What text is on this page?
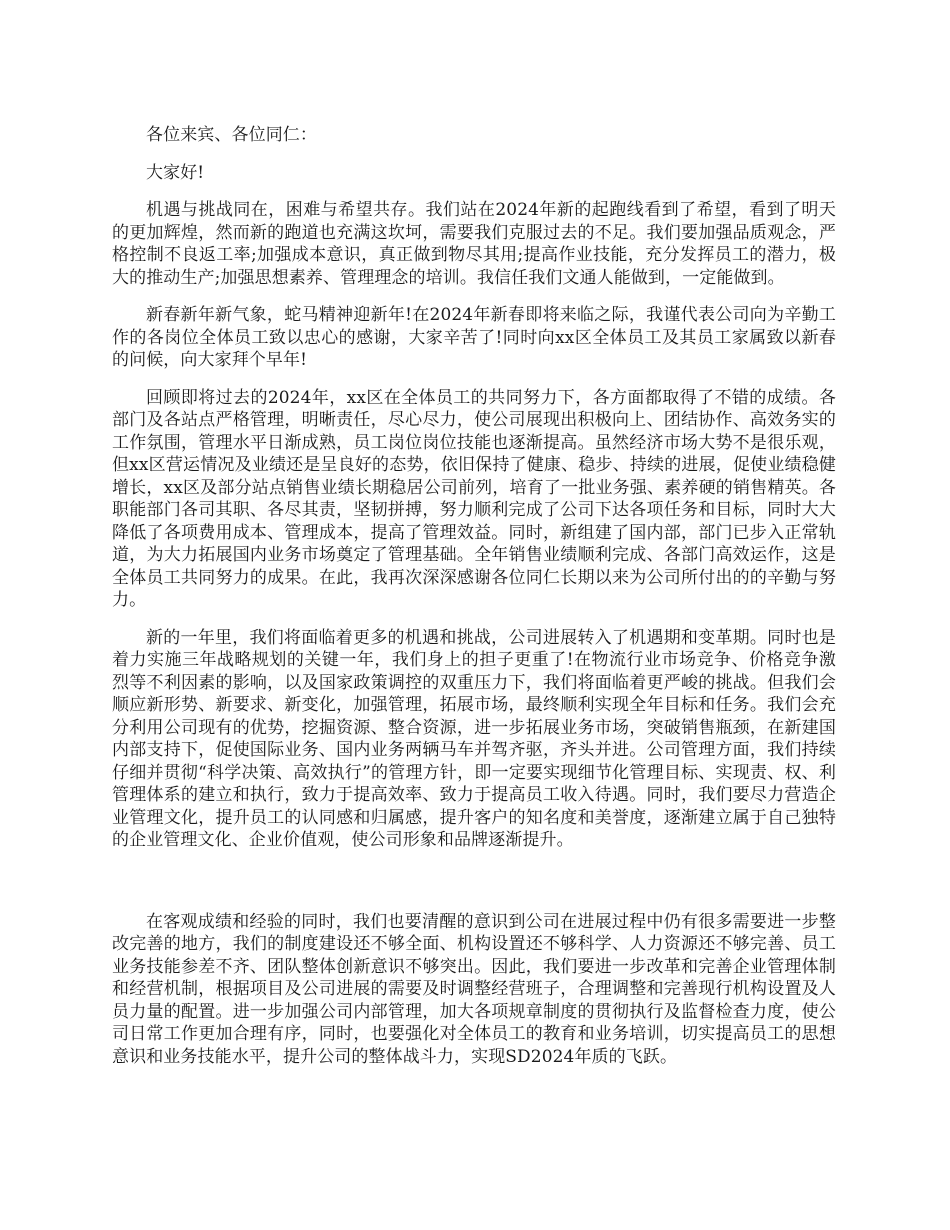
各位来宾、各位同仁：

大家好!

机遇与挑战同在，困难与希望共存。我们站在2024年新的起跑线看到了希望，看到了明天的更加辉煌，然而新的跑道也充满这坎坷，需要我们克服过去的不足。我们要加强品质观念，严格控制不良返工率;加强成本意识，真正做到物尽其用;提高作业技能，充分发挥员工的潜力，极大的推动生产;加强思想素养、管理理念的培训。我信任我们文通人能做到，一定能做到。

新春新年新气象，蛇马精神迎新年!在2024年新春即将来临之际，我谨代表公司向为辛勤工作的各岗位全体员工致以忠心的感谢，大家辛苦了!同时向xx区全体员工及其员工家属致以新春的问候，向大家拜个早年!

回顾即将过去的2024年，xx区在全体员工的共同努力下，各方面都取得了不错的成绩。各部门及各站点严格管理，明晰责任，尽心尽力，使公司展现出积极向上、团结协作、高效务实的工作氛围，管理水平日渐成熟，员工岗位岗位技能也逐渐提高。虽然经济市场大势不是很乐观，但xx区营运情况及业绩还是呈良好的态势，依旧保持了健康、稳步、持续的进展，促使业绩稳健增长，xx区及部分站点销售业绩长期稳居公司前列，培育了一批业务强、素养硬的销售精英。各职能部门各司其职、各尽其责，坚韧拼搏，努力顺利完成了公司下达各项任务和目标，同时大大降低了各项费用成本、管理成本，提高了管理效益。同时，新组建了国内部，部门已步入正常轨道，为大力拓展国内业务市场奠定了管理基础。全年销售业绩顺利完成、各部门高效运作，这是全体员工共同努力的成果。在此，我再次深深感谢各位同仁长期以来为公司所付出的的辛勤与努力。

新的一年里，我们将面临着更多的机遇和挑战，公司进展转入了机遇期和变革期。同时也是着力实施三年战略规划的关键一年，我们身上的担子更重了!在物流行业市场竞争、价格竞争激烈等不利因素的影响，以及国家政策调控的双重压力下，我们将面临着更严峻的挑战。但我们会顺应新形势、新要求、新变化，加强管理，拓展市场，最终顺利实现全年目标和任务。我们会充分利用公司现有的优势，挖掘资源、整合资源，进一步拓展业务市场，突破销售瓶颈，在新建国内部支持下，促使国际业务、国内业务两辆马车并驾齐驱，齐头并进。公司管理方面，我们持续仔细并贯彻“科学决策、高效执行”的管理方针，即一定要实现细节化管理目标、实现责、权、利管理体系的建立和执行，致力于提高效率、致力于提高员工收入待遇。同时，我们要尽力营造企业管理文化，提升员工的认同感和归属感，提升客户的知名度和美誉度，逐渐建立属于自己独特的企业管理文化、企业价值观，使公司形象和品牌逐渐提升。

在客观成绩和经验的同时，我们也要清醒的意识到公司在进展过程中仍有很多需要进一步整改完善的地方，我们的制度建设还不够全面、机构设置还不够科学、人力资源还不够完善、员工业务技能参差不齐、团队整体创新意识不够突出。因此，我们要进一步改革和完善企业管理体制和经营机制，根据项目及公司进展的需要及时调整经营班子，合理调整和完善现行机构设置及人员力量的配置。进一步加强公司内部管理，加大各项规章制度的贯彻执行及监督检查力度，使公司日常工作更加合理有序，同时，也要强化对全体员工的教育和业务培训，切实提高员工的思想意识和业务技能水平，提升公司的整体战斗力，实现SD2024年质的飞跃。
